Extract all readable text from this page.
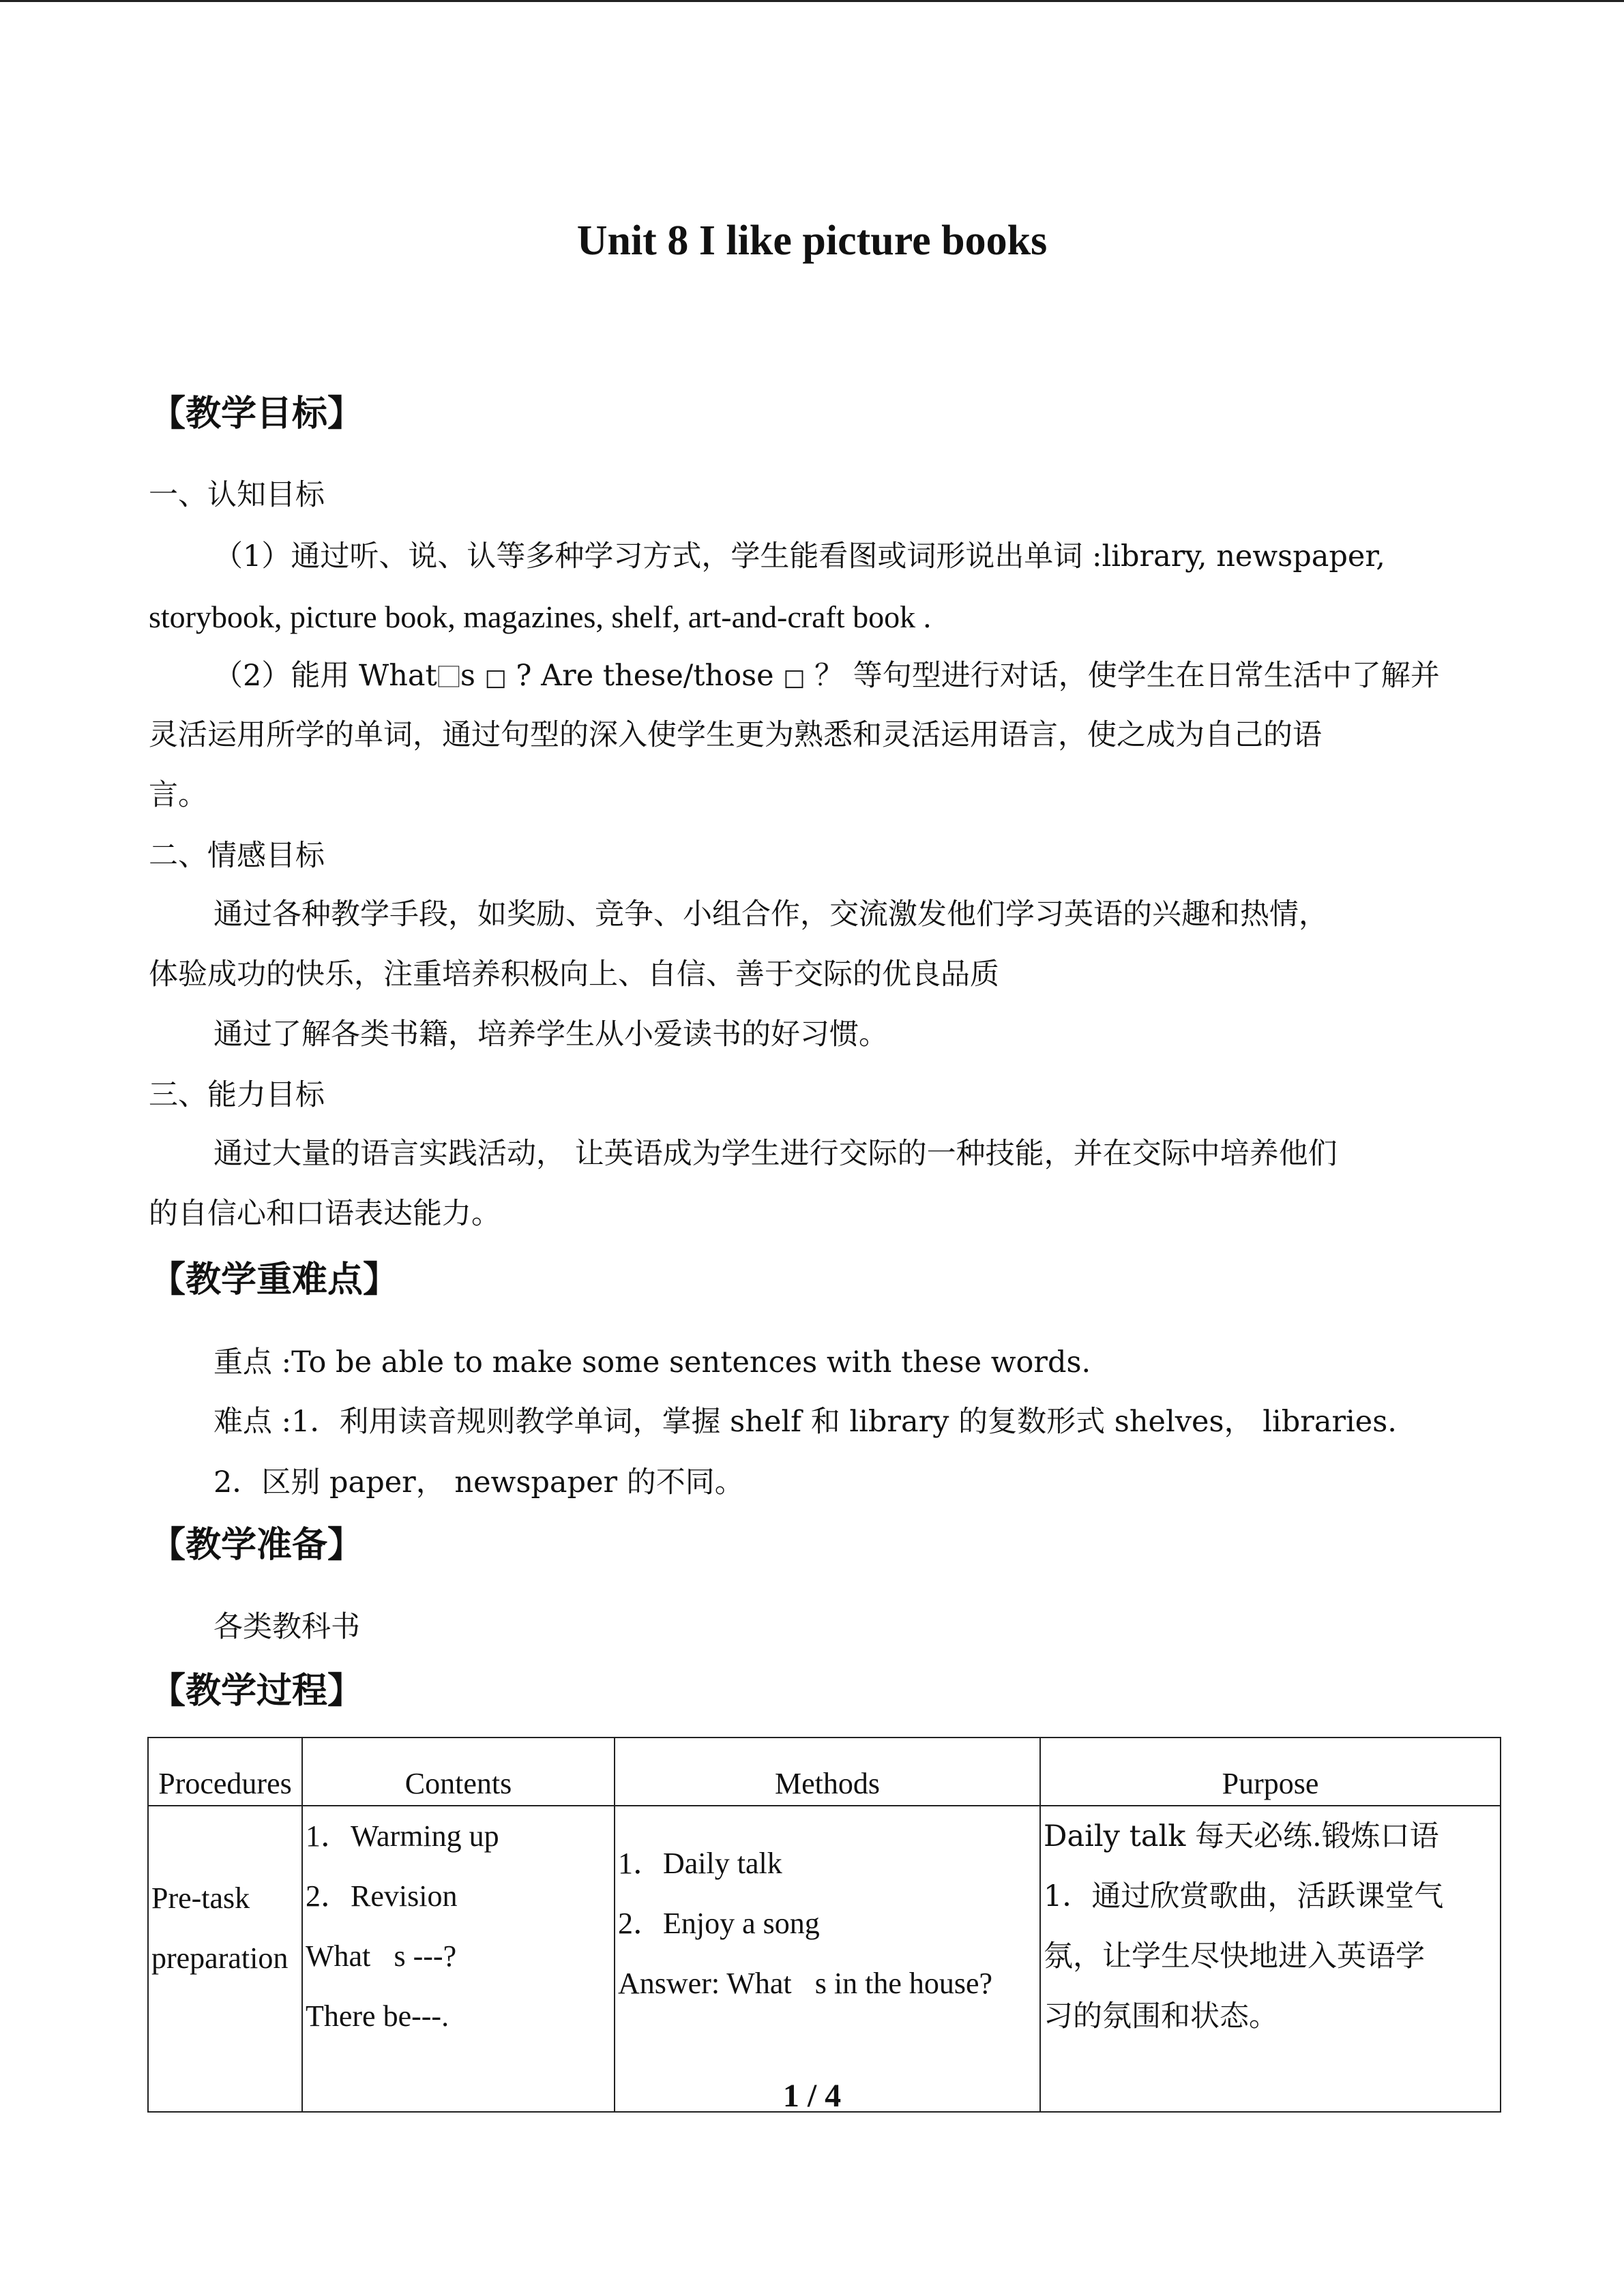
Unit 8 I like picture books
【教学目标】
一、认知目标
（1）通过听、说、认等多种学习方式，学生能看图或词形说出单词 :library, newspaper,
storybook, picture book, magazines, shelf, art-and-craft book .
（2）能用 What⃞s □ ? Are these/those □ ？ 等句型进行对话，使学生在日常生活中了解并
灵活运用所学的单词，通过句型的深入使学生更为熟悉和灵活运用语言，使之成为自己的语
言。
二、情感目标
通过各种教学手段，如奖励、竞争、小组合作，交流激发他们学习英语的兴趣和热情，
体验成功的快乐，注重培养积极向上、自信、善于交际的优良品质
通过了解各类书籍，培养学生从小爱读书的好习惯。
三、能力目标
通过大量的语言实践活动， 让英语成为学生进行交际的一种技能，并在交际中培养他们
的自信心和口语表达能力。
【教学重难点】
重点 :To be able to make some sentences with these words.
难点 :1．利用读音规则教学单词，掌握 shelf 和 library 的复数形式 shelves， libraries.
2．区别 paper， newspaper 的不同。
【教学准备】
各类教科书
【教学过程】
Procedures	Contents	Methods	Purpose

Pre-task
preparation	1．Warming up
2．Revision
What⃞s ---?
There be---.	1．Daily talk
2．Enjoy a song
Answer: What⃞s in the house?	Daily talk 每天必练.锻炼口语
1．通过欣赏歌曲，活跃课堂气
氛，让学生尽快地进入英语学
习的氛围和状态。
1 / 4
